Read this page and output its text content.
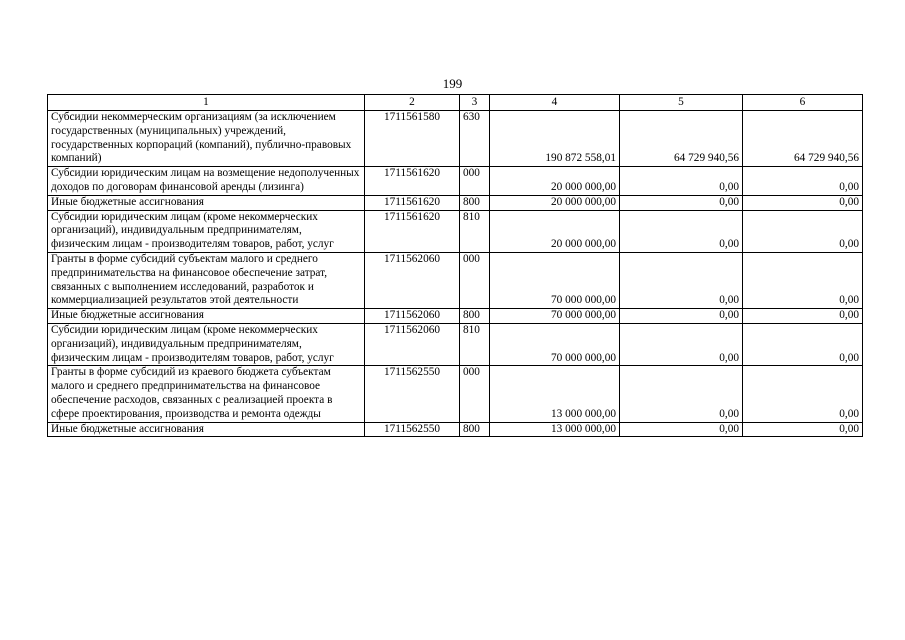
199
1	2	3	4	5	6
Субсидии некоммерческим организациям (за исключением государственных (муниципальных) учреждений, государственных корпораций (компаний), публично-правовых компаний)	1711561580	630	190 872 558,01	64 729 940,56	64 729 940,56
Субсидии юридическим лицам на возмещение недополученных доходов по договорам финансовой аренды (лизинга)	1711561620	000	20 000 000,00	0,00	0,00
Иные бюджетные ассигнования	1711561620	800	20 000 000,00	0,00	0,00
Субсидии юридическим лицам (кроме некоммерческих организаций), индивидуальным предпринимателям, физическим лицам - производителям товаров, работ, услуг	1711561620	810	20 000 000,00	0,00	0,00
Гранты в форме субсидий субъектам малого и среднего предпринимательства на финансовое обеспечение затрат, связанных с выполнением исследований, разработок и коммерциализацией результатов этой деятельности	1711562060	000	70 000 000,00	0,00	0,00
Иные бюджетные ассигнования	1711562060	800	70 000 000,00	0,00	0,00
Субсидии юридическим лицам (кроме некоммерческих организаций), индивидуальным предпринимателям, физическим лицам - производителям товаров, работ, услуг	1711562060	810	70 000 000,00	0,00	0,00
Гранты в форме субсидий из краевого бюджета субъектам малого и среднего предпринимательства на финансовое обеспечение расходов, связанных с реализацией проекта в сфере проектирования, производства и ремонта одежды	1711562550	000	13 000 000,00	0,00	0,00
Иные бюджетные ассигнования	1711562550	800	13 000 000,00	0,00	0,00
